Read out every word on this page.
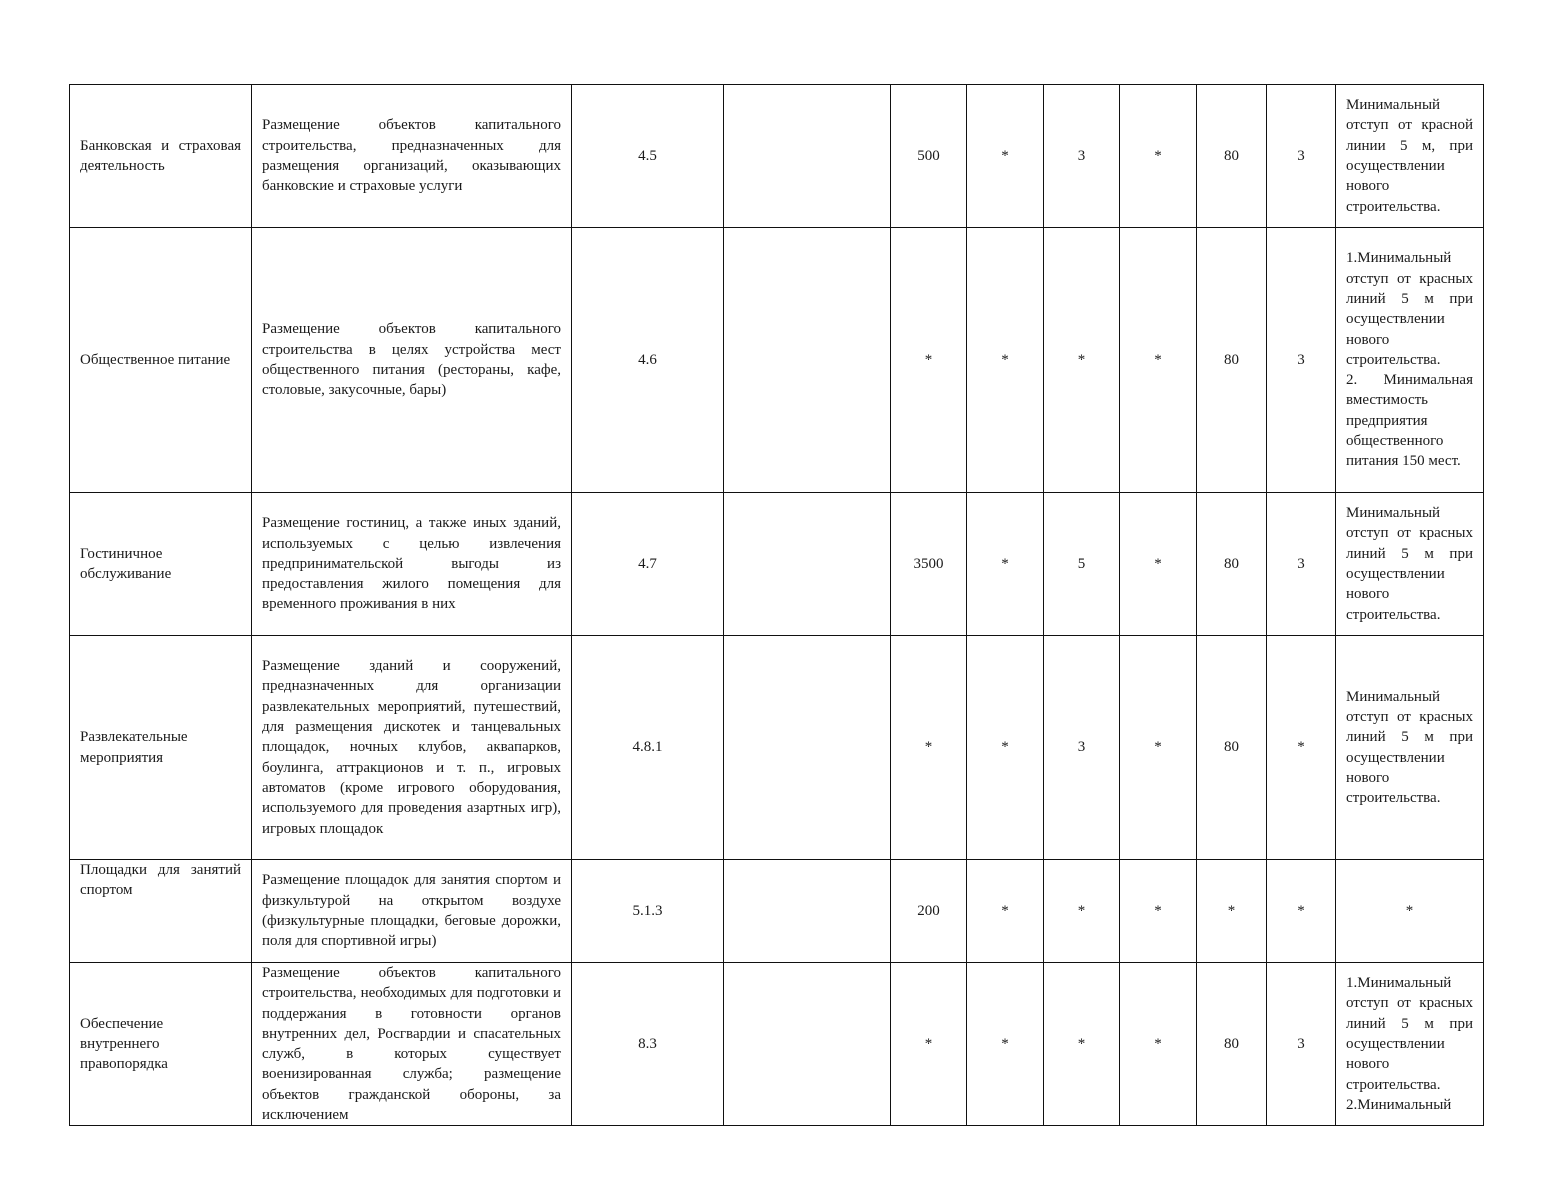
Банковская и страховая деятельность	Размещение объектов капитального строительства, предназначенных для размещения организаций, оказывающих банковские и страховые услуги	4.5		500	*	3	*	80	3	Минимальный отступ от красной линии 5 м, при осуществлении нового строительства.

Общественное питание	Размещение объектов капитального строительства в целях устройства мест общественного питания (рестораны, кафе, столовые, закусочные, бары)	4.6		*	*	*	*	80	3	1.Минимальный отступ от красных линий 5 м при осуществлении нового строительства.
2. Минимальная вместимость предприятия общественного питания 150 мест.

Гостиничное обслуживание	Размещение гостиниц, а также иных зданий, используемых с целью извлечения предпринимательской выгоды из предоставления жилого помещения для временного проживания в них	4.7		3500	*	5	*	80	3	Минимальный отступ от красных линий 5 м при осуществлении нового строительства.

Развлекательные мероприятия	Размещение зданий и сооружений, предназначенных для организации развлекательных мероприятий, путешествий, для размещения дискотек и танцевальных площадок, ночных клубов, аквапарков, боулинга, аттракционов и т. п., игровых автоматов (кроме игрового оборудования, используемого для проведения азартных игр), игровых площадок	4.8.1		*	*	3	*	80	*	Минимальный отступ от красных линий 5 м при осуществлении нового строительства.

Площадки для занятий спортом	Размещение площадок для занятия спортом и физкультурой на открытом воздухе (физкультурные площадки, беговые дорожки, поля для спортивной игры)	5.1.3		200	*	*	*	*	*	*

Обеспечение внутреннего правопорядка	Размещение объектов капитального строительства, необходимых для подготовки и поддержания в готовности органов внутренних дел, Росгвардии и спасательных служб, в которых существует военизированная служба; размещение объектов гражданской обороны, за исключением	8.3		*	*	*	*	80	3	1.Минимальный отступ от красных линий 5 м при осуществлении нового строительства.
2.Минимальный
